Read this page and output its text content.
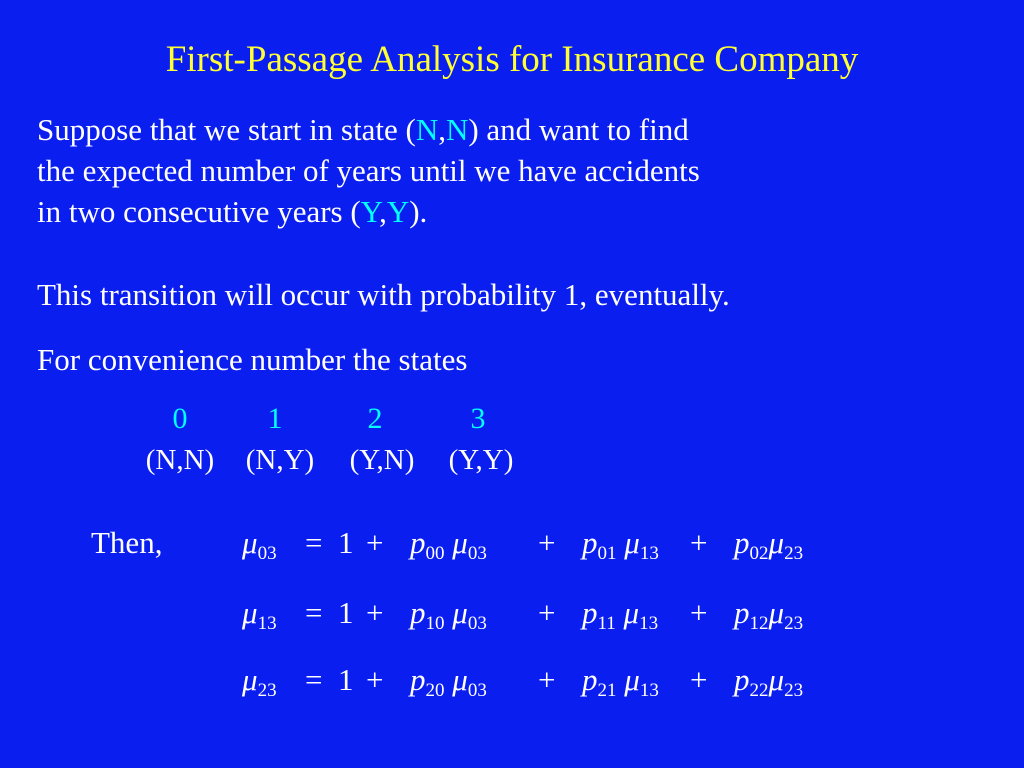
First-Passage Analysis for Insurance Company
Suppose that we start in state (N,N) and want to find
the expected number of years until we have accidents
in two consecutive years (Y,Y).
This transition will occur with probability 1, eventually.
For convenience number the states
0	1	2	3
(N,N)	(N,Y)	(Y,N)	(Y,Y)
Then,	$\mu_{03} = 1 + p_{00}$ $\mu_{03} + p_{01}$ $\mu_{13} + p_{02}\mu_{23}$
$\mu_{13} = 1 + p_{10}$ $\mu_{03} + p_{11}$ $\mu_{13} + p_{12}\mu_{23}$
$\mu_{23} = 1 + p_{20}$ $\mu_{03} + p_{21}$ $\mu_{13} + p_{22}\mu_{23}$
